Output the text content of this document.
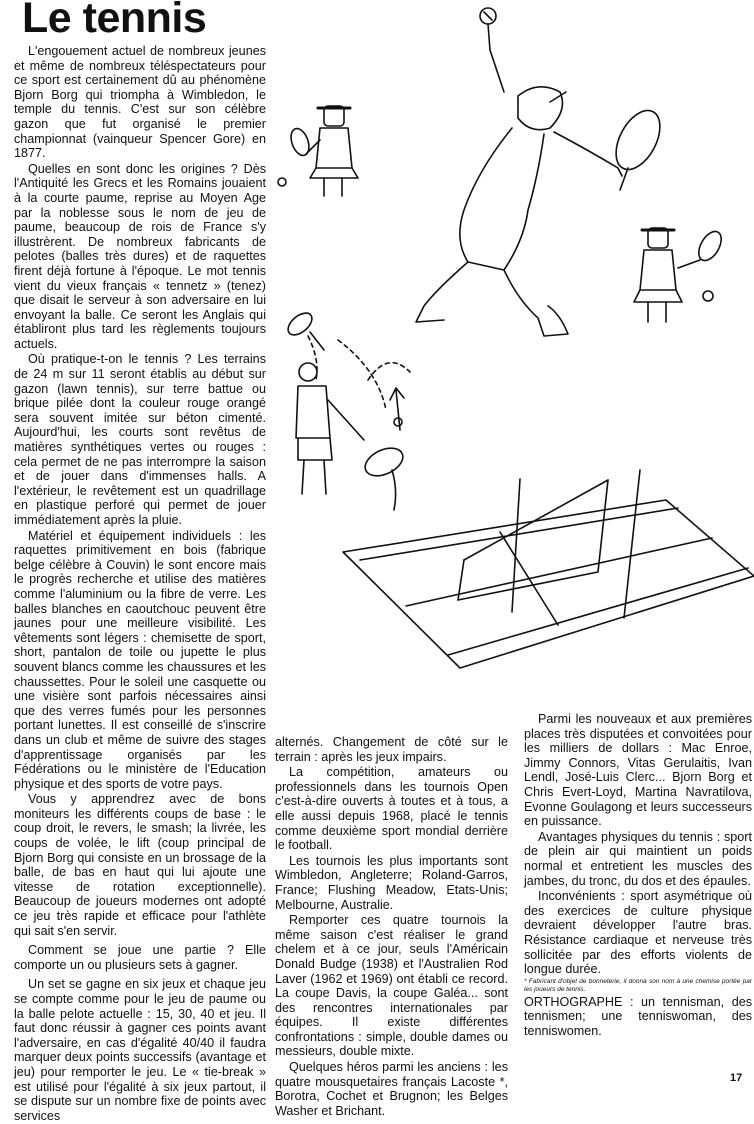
Le tennis

L'engouement actuel de nombreux jeunes et même de nombreux téléspectateurs pour ce sport est certainement dû au phénomène Bjorn Borg qui triompha à Wimbledon, le temple du tennis. C'est sur son célèbre gazon que fut organisé le premier championnat (vainqueur Spencer Gore) en 1877.

Quelles en sont donc les origines ? Dès l'Antiquité les Grecs et les Romains jouaient à la courte paume, reprise au Moyen Age par la noblesse sous le nom de jeu de paume, beaucoup de rois de France s'y illustrèrent. De nombreux fabricants de pelotes (balles très dures) et de raquettes firent déjà fortune à l'époque. Le mot tennis vient du vieux français « tennetz » (tenez) que disait le serveur à son adversaire en lui envoyant la balle. Ce seront les Anglais qui établiront plus tard les règlements toujours actuels.

Où pratique-t-on le tennis ? Les terrains de 24 m sur 11 seront établis au début sur gazon (lawn tennis), sur terre battue ou brique pilée dont la couleur rouge orangé sera souvent imitée sur béton cimenté. Aujourd'hui, les courts sont revêtus de matières synthétiques vertes ou rouges : cela permet de ne pas interrompre la saison et de jouer dans d'immenses halls. A l'extérieur, le revêtement est un quadrillage en plastique perforé qui permet de jouer immédiatement après la pluie.

Matériel et équipement individuels : les raquettes primitivement en bois (fabrique belge célèbre à Couvin) le sont encore mais le progrès recherche et utilise des matières comme l'aluminium ou la fibre de verre. Les balles blanches en caoutchouc peuvent être jaunes pour une meilleure visibilité. Les vêtements sont légers : chemisette de sport, short, pantalon de toile ou jupette le plus souvent blancs comme les chaussures et les chaussettes. Pour le soleil une casquette ou une visière sont parfois nécessaires ainsi que des verres fumés pour les personnes portant lunettes. Il est conseillé de s'inscrire dans un club et même de suivre des stages d'apprentissage organisés par les Fédérations ou le ministère de l'Education physique et des sports de votre pays.

Vous y apprendrez avec de bons moniteurs les différents coups de base : le coup droit, le revers, le smash; la livrée, les coups de volée, le lift (coup principal de Bjorn Borg qui consiste en un brossage de la balle, de bas en haut qui lui ajoute une vitesse de rotation exceptionnelle). Beaucoup de joueurs modernes ont adopté ce jeu très rapide et efficace pour l'athlète qui sait s'en servir.

Comment se joue une partie ? Elle comporte un ou plusieurs sets à gagner.

Un set se gagne en six jeux et chaque jeu se compte comme pour le jeu de paume ou la balle pelote actuelle : 15, 30, 40 et jeu. Il faut donc réussir à gagner ces points avant l'adversaire, en cas d'égalité 40/40 il faudra marquer deux points successifs (avantage et jeu) pour remporter le jeu. Le « tie-break » est utilisé pour l'égalité à six jeux partout, il se dispute sur un nombre fixe de points avec services

alternés. Changement de côté sur le terrain : après les jeux impairs.

La compétition, amateurs ou professionnels dans les tournois Open c'est-à-dire ouverts à toutes et à tous, a elle aussi depuis 1968, placé le tennis comme deuxième sport mondial derrière le football.

Les tournois les plus importants sont Wimbledon, Angleterre; Roland-Garros, France; Flushing Meadow, Etats-Unis; Melbourne, Australie.

Remporter ces quatre tournois la même saison c'est réaliser le grand chelem et à ce jour, seuls l'Américain Donald Budge (1938) et l'Australien Rod Laver (1962 et 1969) ont établi ce record. La coupe Davis, la coupe Galéa... sont des rencontres internationales par équipes. Il existe différentes confrontations : simple, double dames ou messieurs, double mixte.

Quelques héros parmi les anciens : les quatre mousquetaires français Lacoste *, Borotra, Cochet et Brugnon; les Belges Washer et Brichant.

Parmi les nouveaux et aux premières places très disputées et convoitées pour les milliers de dollars : Mac Enroe, Jimmy Connors, Vitas Gerulaitis, Ivan Lendl, José-Luis Clerc... Bjorn Borg et Chris Evert-Loyd, Martina Navratilova, Evonne Goulagong et leurs successeurs en puissance.

Avantages physiques du tennis : sport de plein air qui maintient un poids normal et entretient les muscles des jambes, du tronc, du dos et des épaules.

Inconvénients : sport asymétrique où des exercices de culture physique devraient développer l'autre bras. Résistance cardiaque et nerveuse très sollicitée par des efforts violents de longue durée.

* Fabricant d'objet de bonneterie, il donna son nom à une chemise portée par les joueurs de tennis.

ORTHOGRAPHE : un tennisman, des tennismen; une tenniswoman, des tenniswomen.

17
